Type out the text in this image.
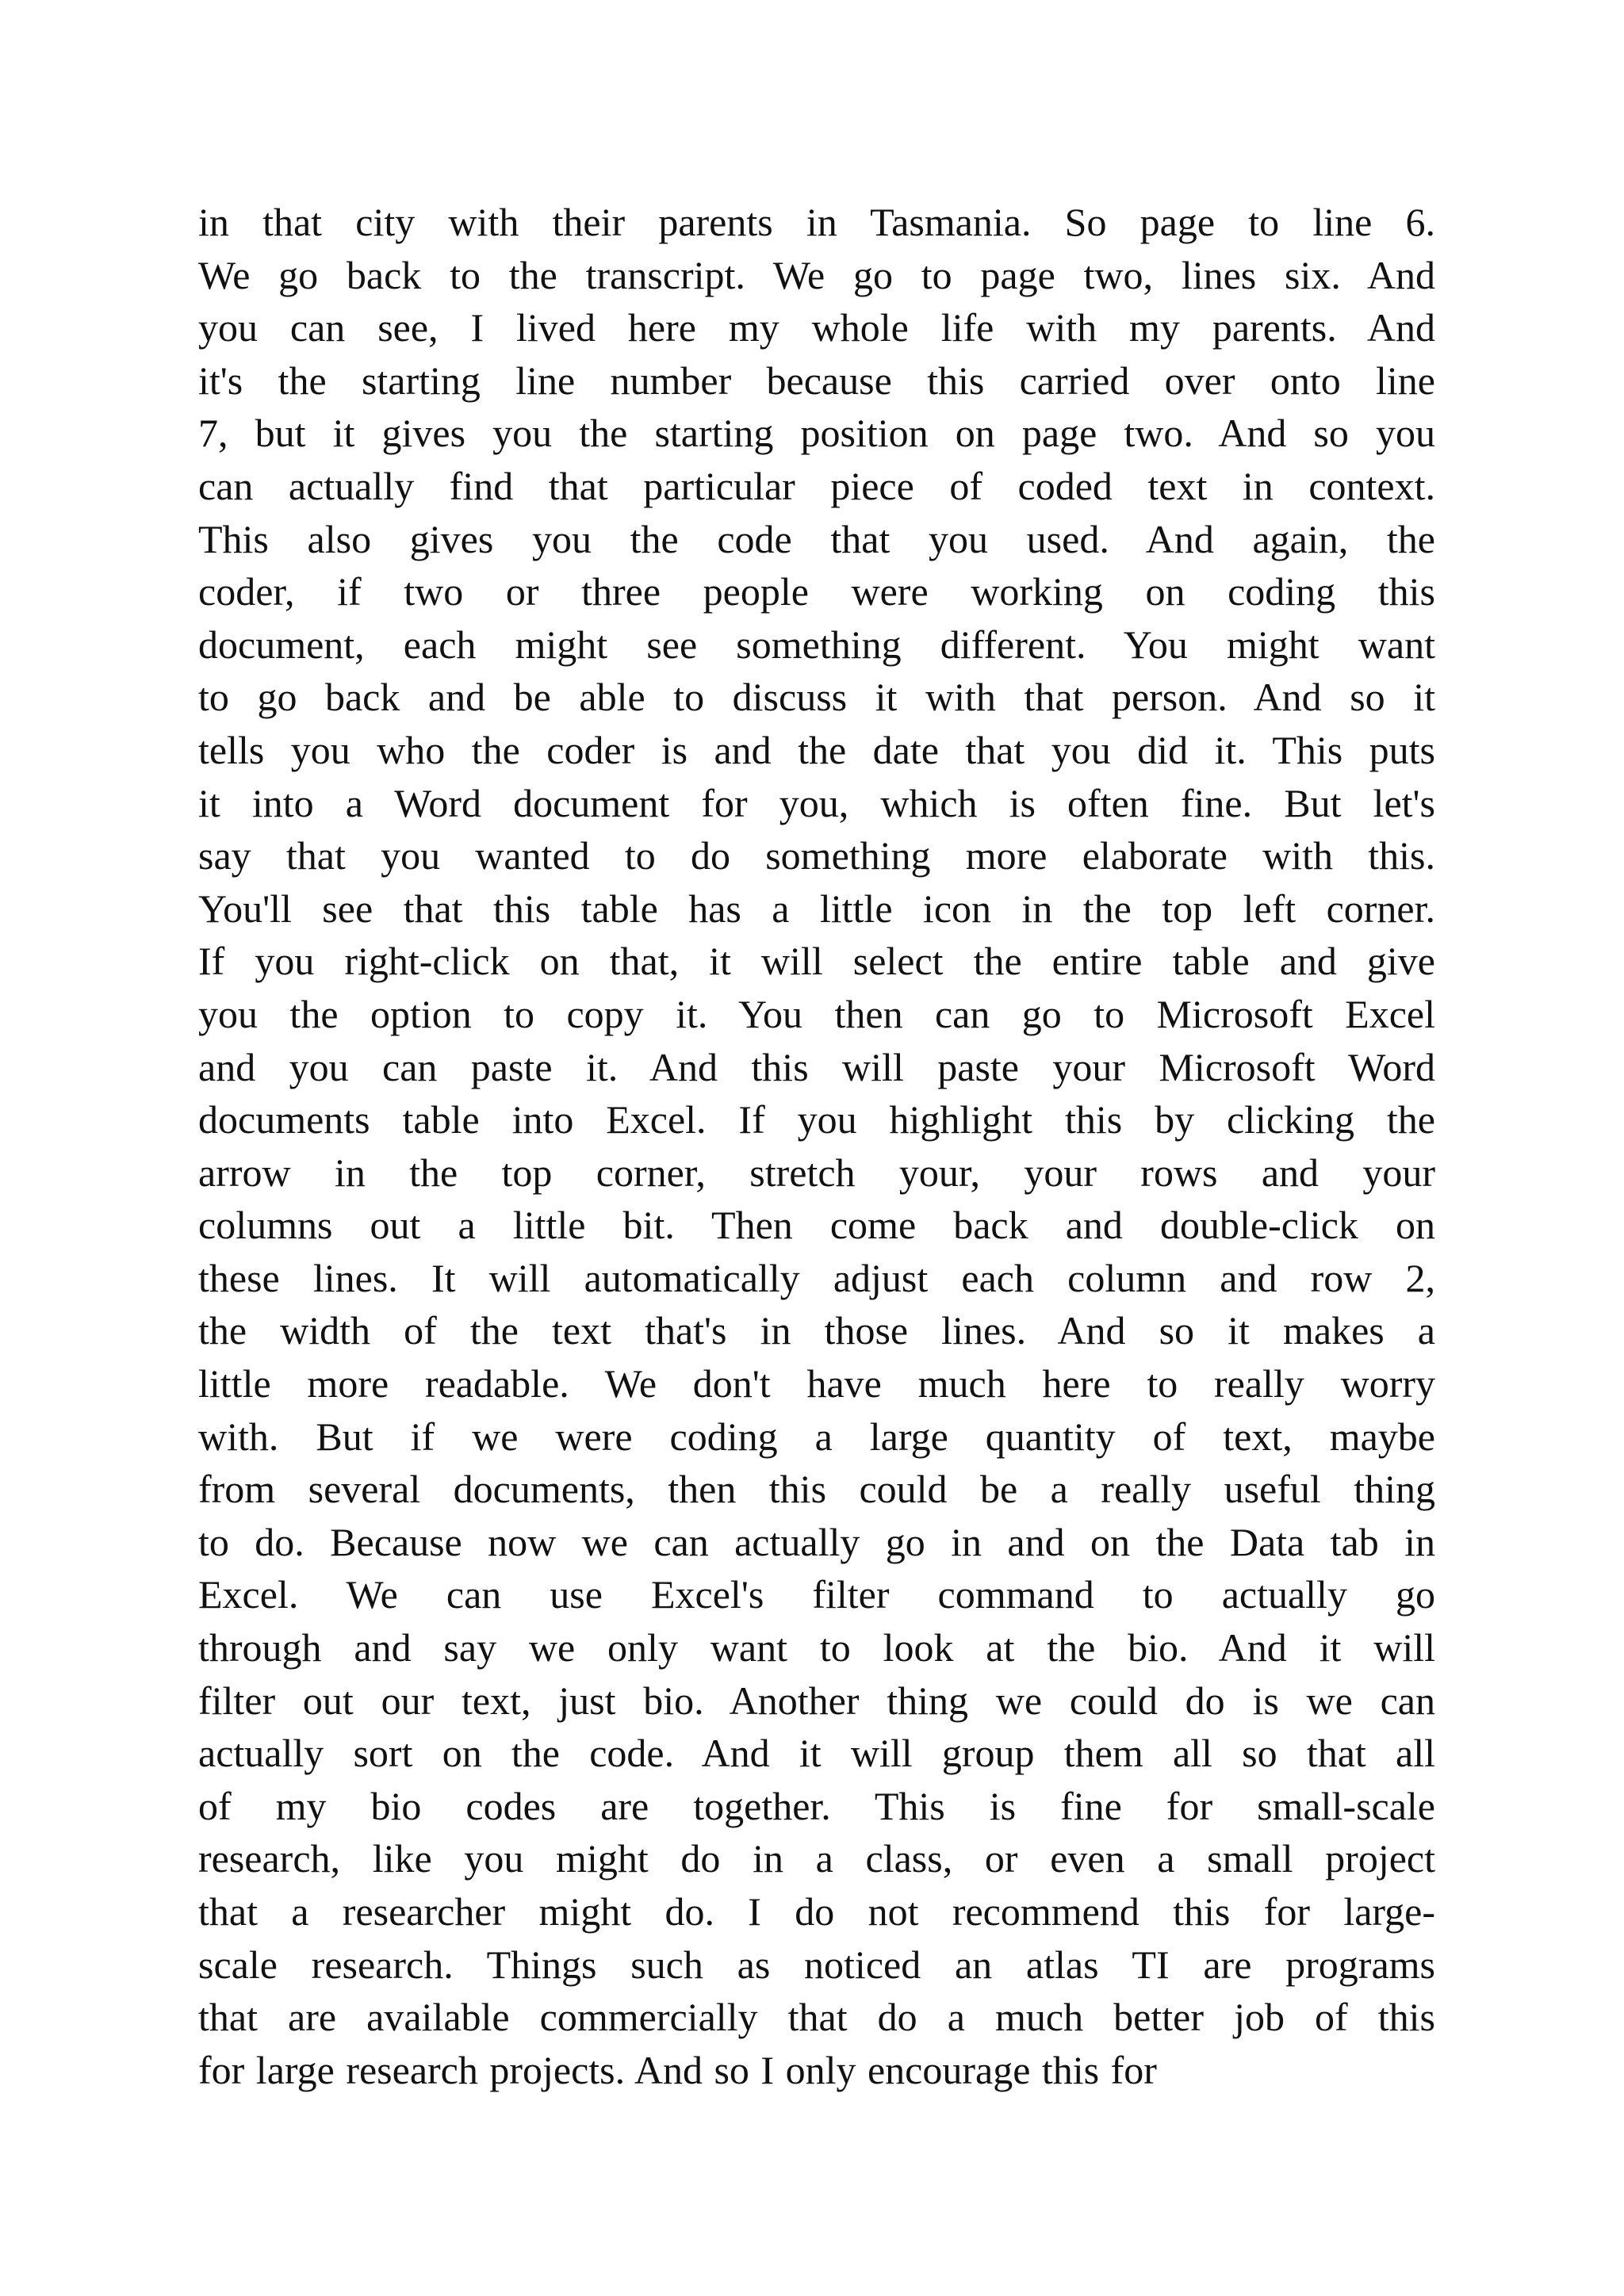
in that city with their parents in Tasmania. So page to line 6.
We go back to the transcript. We go to page two, lines six. And
you can see, I lived here my whole life with my parents. And
it's the starting line number because this carried over onto line
7, but it gives you the starting position on page two. And so you
can actually find that particular piece of coded text in context.
This also gives you the code that you used. And again, the
coder, if two or three people were working on coding this
document, each might see something different. You might want
to go back and be able to discuss it with that person. And so it
tells you who the coder is and the date that you did it. This puts
it into a Word document for you, which is often fine. But let's
say that you wanted to do something more elaborate with this.
You'll see that this table has a little icon in the top left corner.
If you right-click on that, it will select the entire table and give
you the option to copy it. You then can go to Microsoft Excel
and you can paste it. And this will paste your Microsoft Word
documents table into Excel. If you highlight this by clicking the
arrow in the top corner, stretch your, your rows and your
columns out a little bit. Then come back and double-click on
these lines. It will automatically adjust each column and row 2,
the width of the text that's in those lines. And so it makes a
little more readable. We don't have much here to really worry
with. But if we were coding a large quantity of text, maybe
from several documents, then this could be a really useful thing
to do. Because now we can actually go in and on the Data tab in
Excel. We can use Excel's filter command to actually go
through and say we only want to look at the bio. And it will
filter out our text, just bio. Another thing we could do is we can
actually sort on the code. And it will group them all so that all
of my bio codes are together. This is fine for small-scale
research, like you might do in a class, or even a small project
that a researcher might do. I do not recommend this for large-
scale research. Things such as noticed an atlas TI are programs
that are available commercially that do a much better job of this
for large research projects. And so I only encourage this for
